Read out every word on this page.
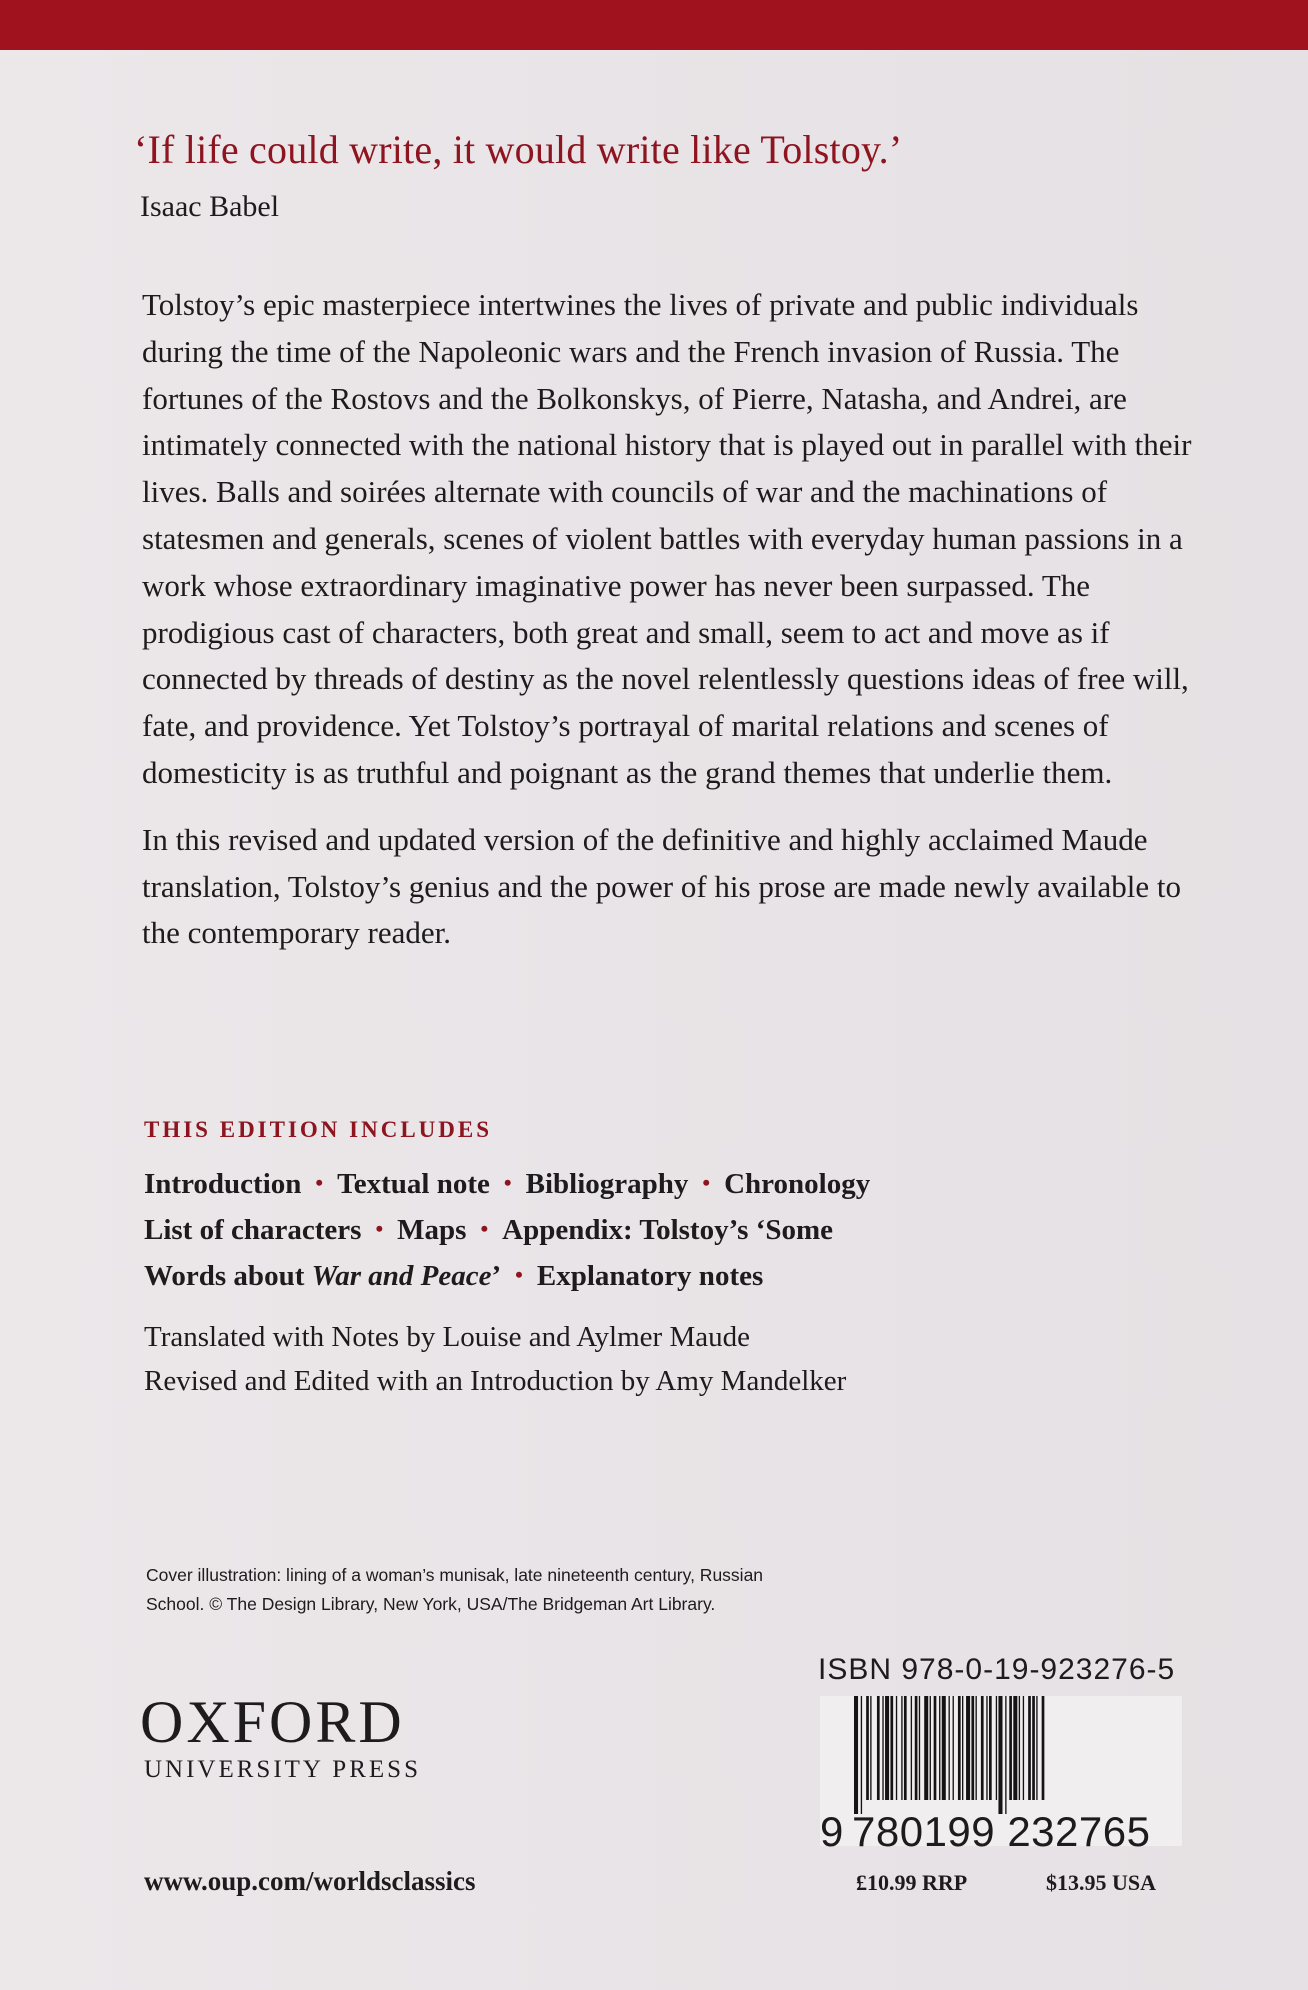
‘If life could write, it would write like Tolstoy.’
Isaac Babel

Tolstoy’s epic masterpiece intertwines the lives of private and public individuals during the time of the Napoleonic wars and the French invasion of Russia. The fortunes of the Rostovs and the Bolkonskys, of Pierre, Natasha, and Andrei, are intimately connected with the national history that is played out in parallel with their lives. Balls and soirées alternate with councils of war and the machinations of statesmen and generals, scenes of violent battles with everyday human passions in a work whose extraordinary imaginative power has never been surpassed. The prodigious cast of characters, both great and small, seem to act and move as if connected by threads of destiny as the novel relentlessly questions ideas of free will, fate, and providence. Yet Tolstoy’s portrayal of marital relations and scenes of domesticity is as truthful and poignant as the grand themes that underlie them.

In this revised and updated version of the definitive and highly acclaimed Maude translation, Tolstoy’s genius and the power of his prose are made newly available to the contemporary reader.

THIS EDITION INCLUDES
Introduction • Textual note • Bibliography • Chronology
List of characters • Maps • Appendix: Tolstoy’s ‘Some
Words about War and Peace’ • Explanatory notes
Translated with Notes by Louise and Aylmer Maude
Revised and Edited with an Introduction by Amy Mandelker
Cover illustration: lining of a woman’s munisak, late nineteenth century, Russian
School. © The Design Library, New York, USA/The Bridgeman Art Library.
OXFORD
UNIVERSITY PRESS
www.oup.com/worldsclassics
ISBN 978-0-19-923276-5
9 780199 232765
£10.99 RRP	$13.95 USA
